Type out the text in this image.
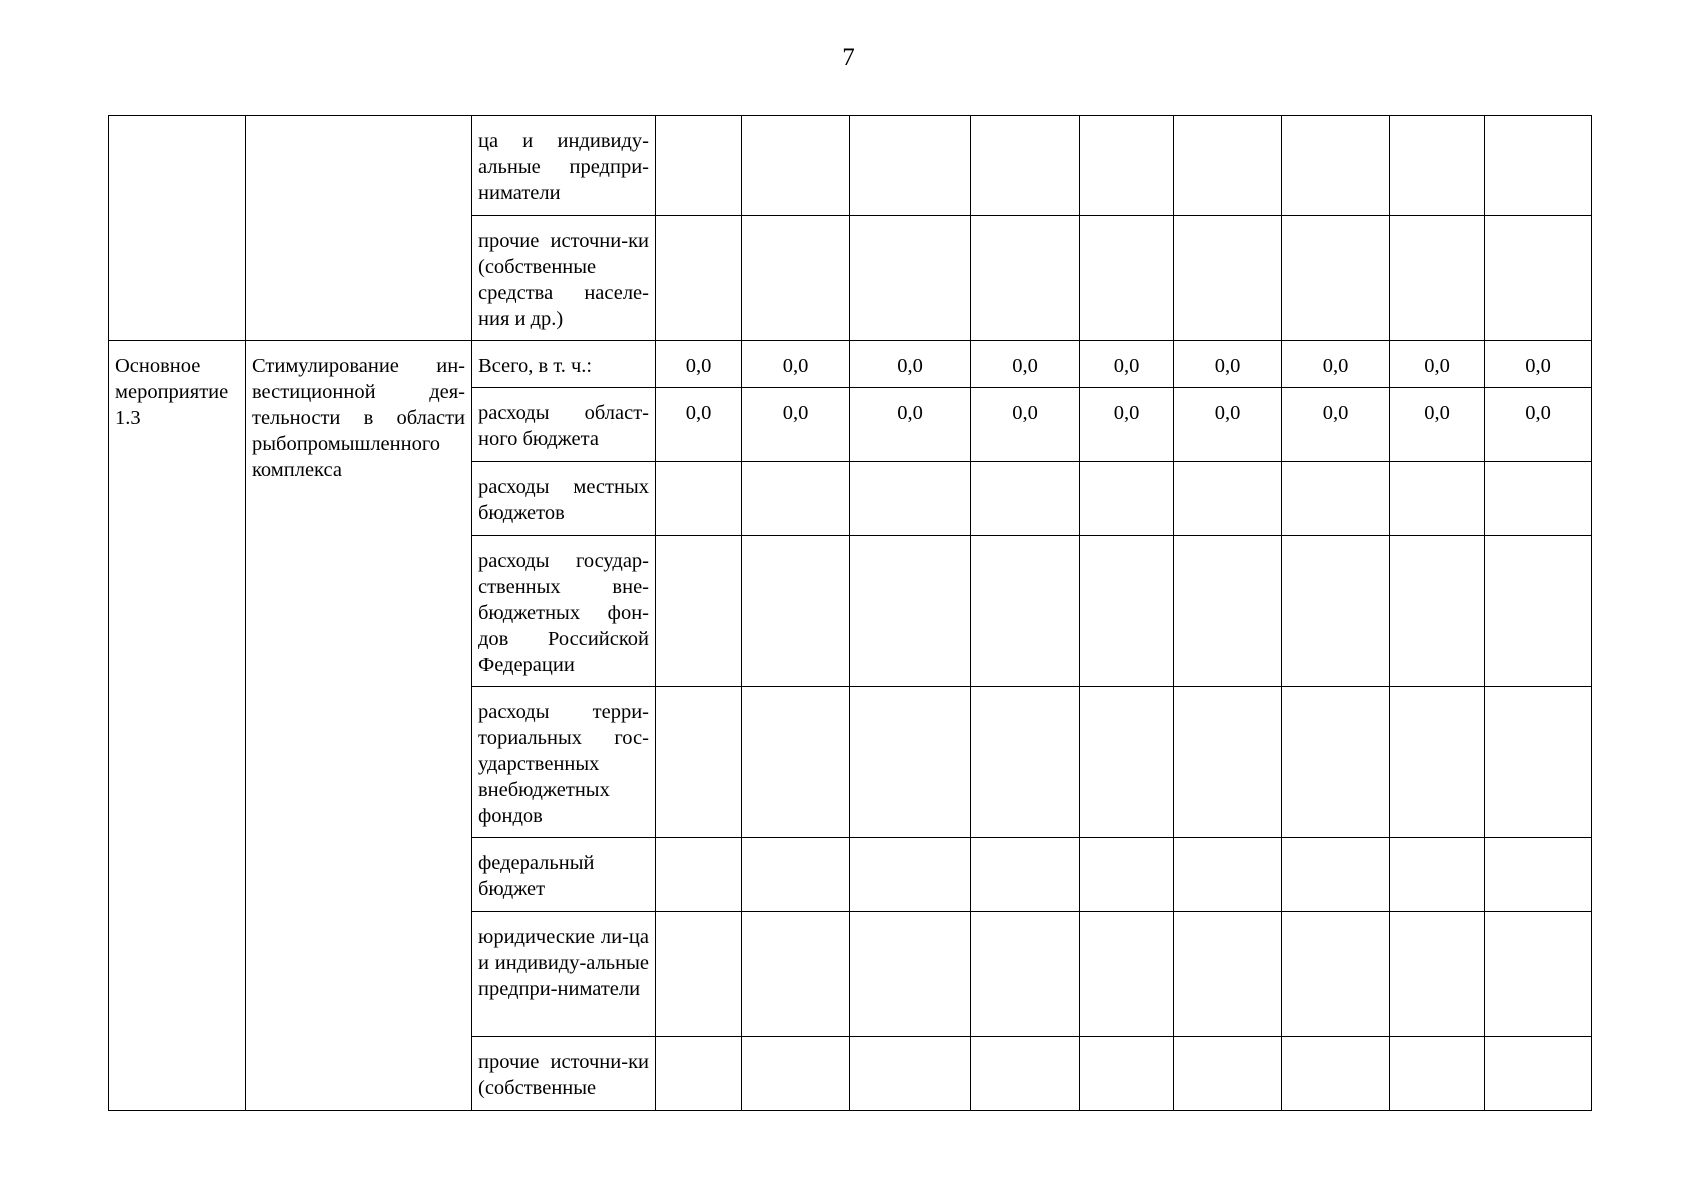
7
		ца и индивиду-альные предпри-ниматели									
		прочие источни-ки (собственные средства населе-ния и др.)									
Основное мероприятие 1.3	Стимулирование ин-вестиционной дея-тельности в области рыбопромышленного комплекса	Всего, в т. ч.:	0,0	0,0	0,0	0,0	0,0	0,0	0,0	0,0	0,0
		расходы област-ного бюджета	0,0	0,0	0,0	0,0	0,0	0,0	0,0	0,0	0,0
		расходы местных бюджетов									
		расходы государ-ственных вне-бюджетных фон-дов Российской Федерации									
		расходы терри-ториальных гос-ударственных внебюджетных фондов									
		федеральный бюджет									
		юридические ли-ца и индивиду-альные предпри-ниматели									
		прочие источни-ки (собственные									
